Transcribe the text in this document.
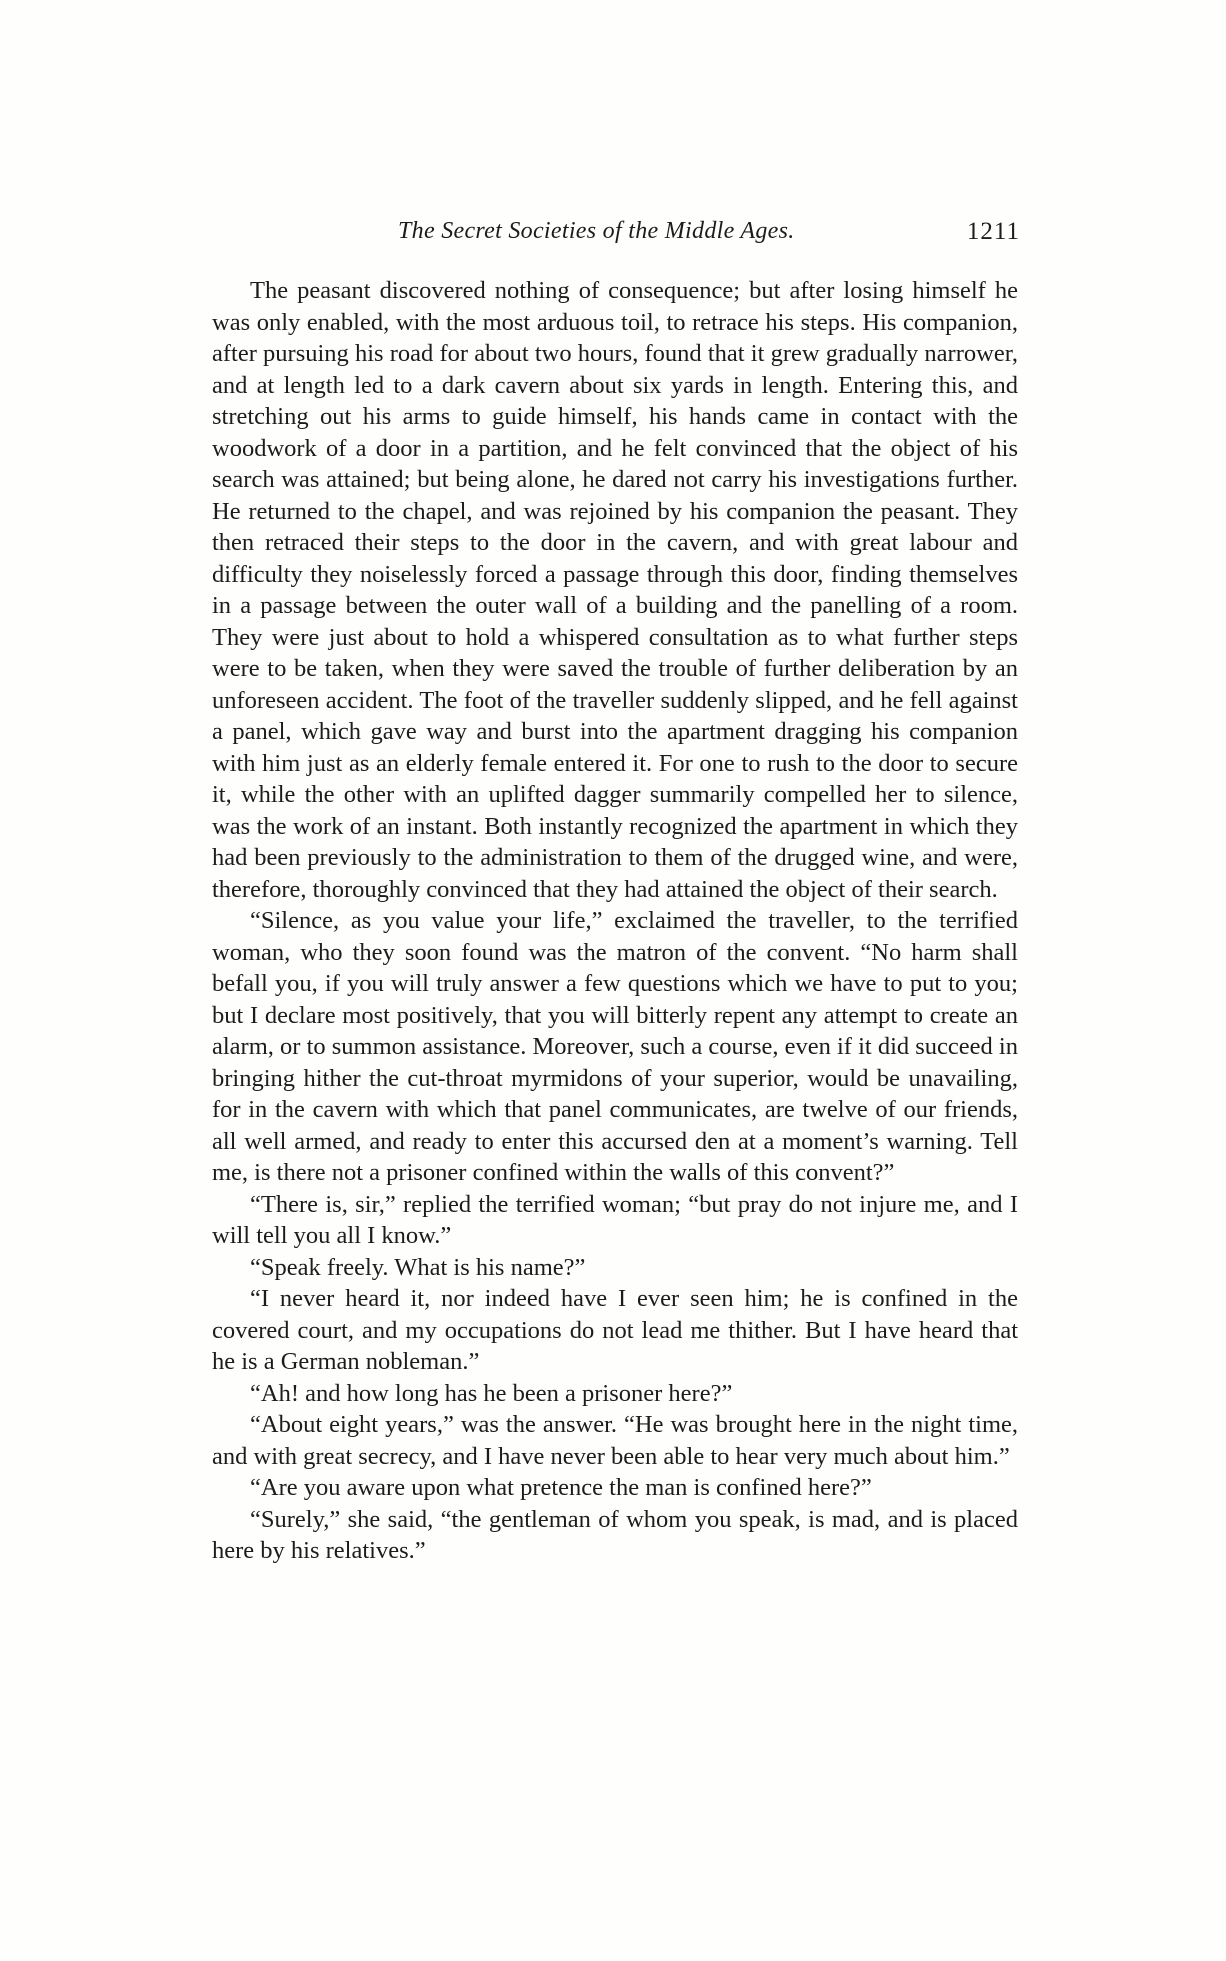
The Secret Societies of the Middle Ages.	1211

The peasant discovered nothing of consequence; but after losing himself he was only enabled, with the most arduous toil, to retrace his steps. His companion, after pursuing his road for about two hours, found that it grew gradually narrower, and at length led to a dark cavern about six yards in length. Entering this, and stretching out his arms to guide himself, his hands came in contact with the woodwork of a door in a partition, and he felt convinced that the object of his search was attained; but being alone, he dared not carry his investigations further. He returned to the chapel, and was rejoined by his companion the peasant. They then retraced their steps to the door in the cavern, and with great labour and difficulty they noiselessly forced a passage through this door, finding themselves in a passage between the outer wall of a building and the panelling of a room. They were just about to hold a whispered consultation as to what further steps were to be taken, when they were saved the trouble of further deliberation by an unforeseen accident. The foot of the traveller suddenly slipped, and he fell against a panel, which gave way and burst into the apartment dragging his companion with him just as an elderly female entered it. For one to rush to the door to secure it, while the other with an uplifted dagger summarily compelled her to silence, was the work of an instant. Both instantly recognized the apartment in which they had been previously to the administration to them of the drugged wine, and were, therefore, thoroughly convinced that they had attained the object of their search.

“Silence, as you value your life,” exclaimed the traveller, to the terrified woman, who they soon found was the matron of the convent. “No harm shall befall you, if you will truly answer a few questions which we have to put to you; but I declare most positively, that you will bitterly repent any attempt to create an alarm, or to summon assistance. Moreover, such a course, even if it did succeed in bringing hither the cut-throat myrmidons of your superior, would be unavailing, for in the cavern with which that panel communicates, are twelve of our friends, all well armed, and ready to enter this accursed den at a moment’s warning. Tell me, is there not a prisoner confined within the walls of this convent?”

“There is, sir,” replied the terrified woman; “but pray do not injure me, and I will tell you all I know.”

“Speak freely. What is his name?”

“I never heard it, nor indeed have I ever seen him; he is confined in the covered court, and my occupations do not lead me thither. But I have heard that he is a German nobleman.”

“Ah! and how long has he been a prisoner here?”

“About eight years,” was the answer. “He was brought here in the night time, and with great secrecy, and I have never been able to hear very much about him.”

“Are you aware upon what pretence the man is confined here?”

“Surely,” she said, “the gentleman of whom you speak, is mad, and is placed here by his relatives.”
